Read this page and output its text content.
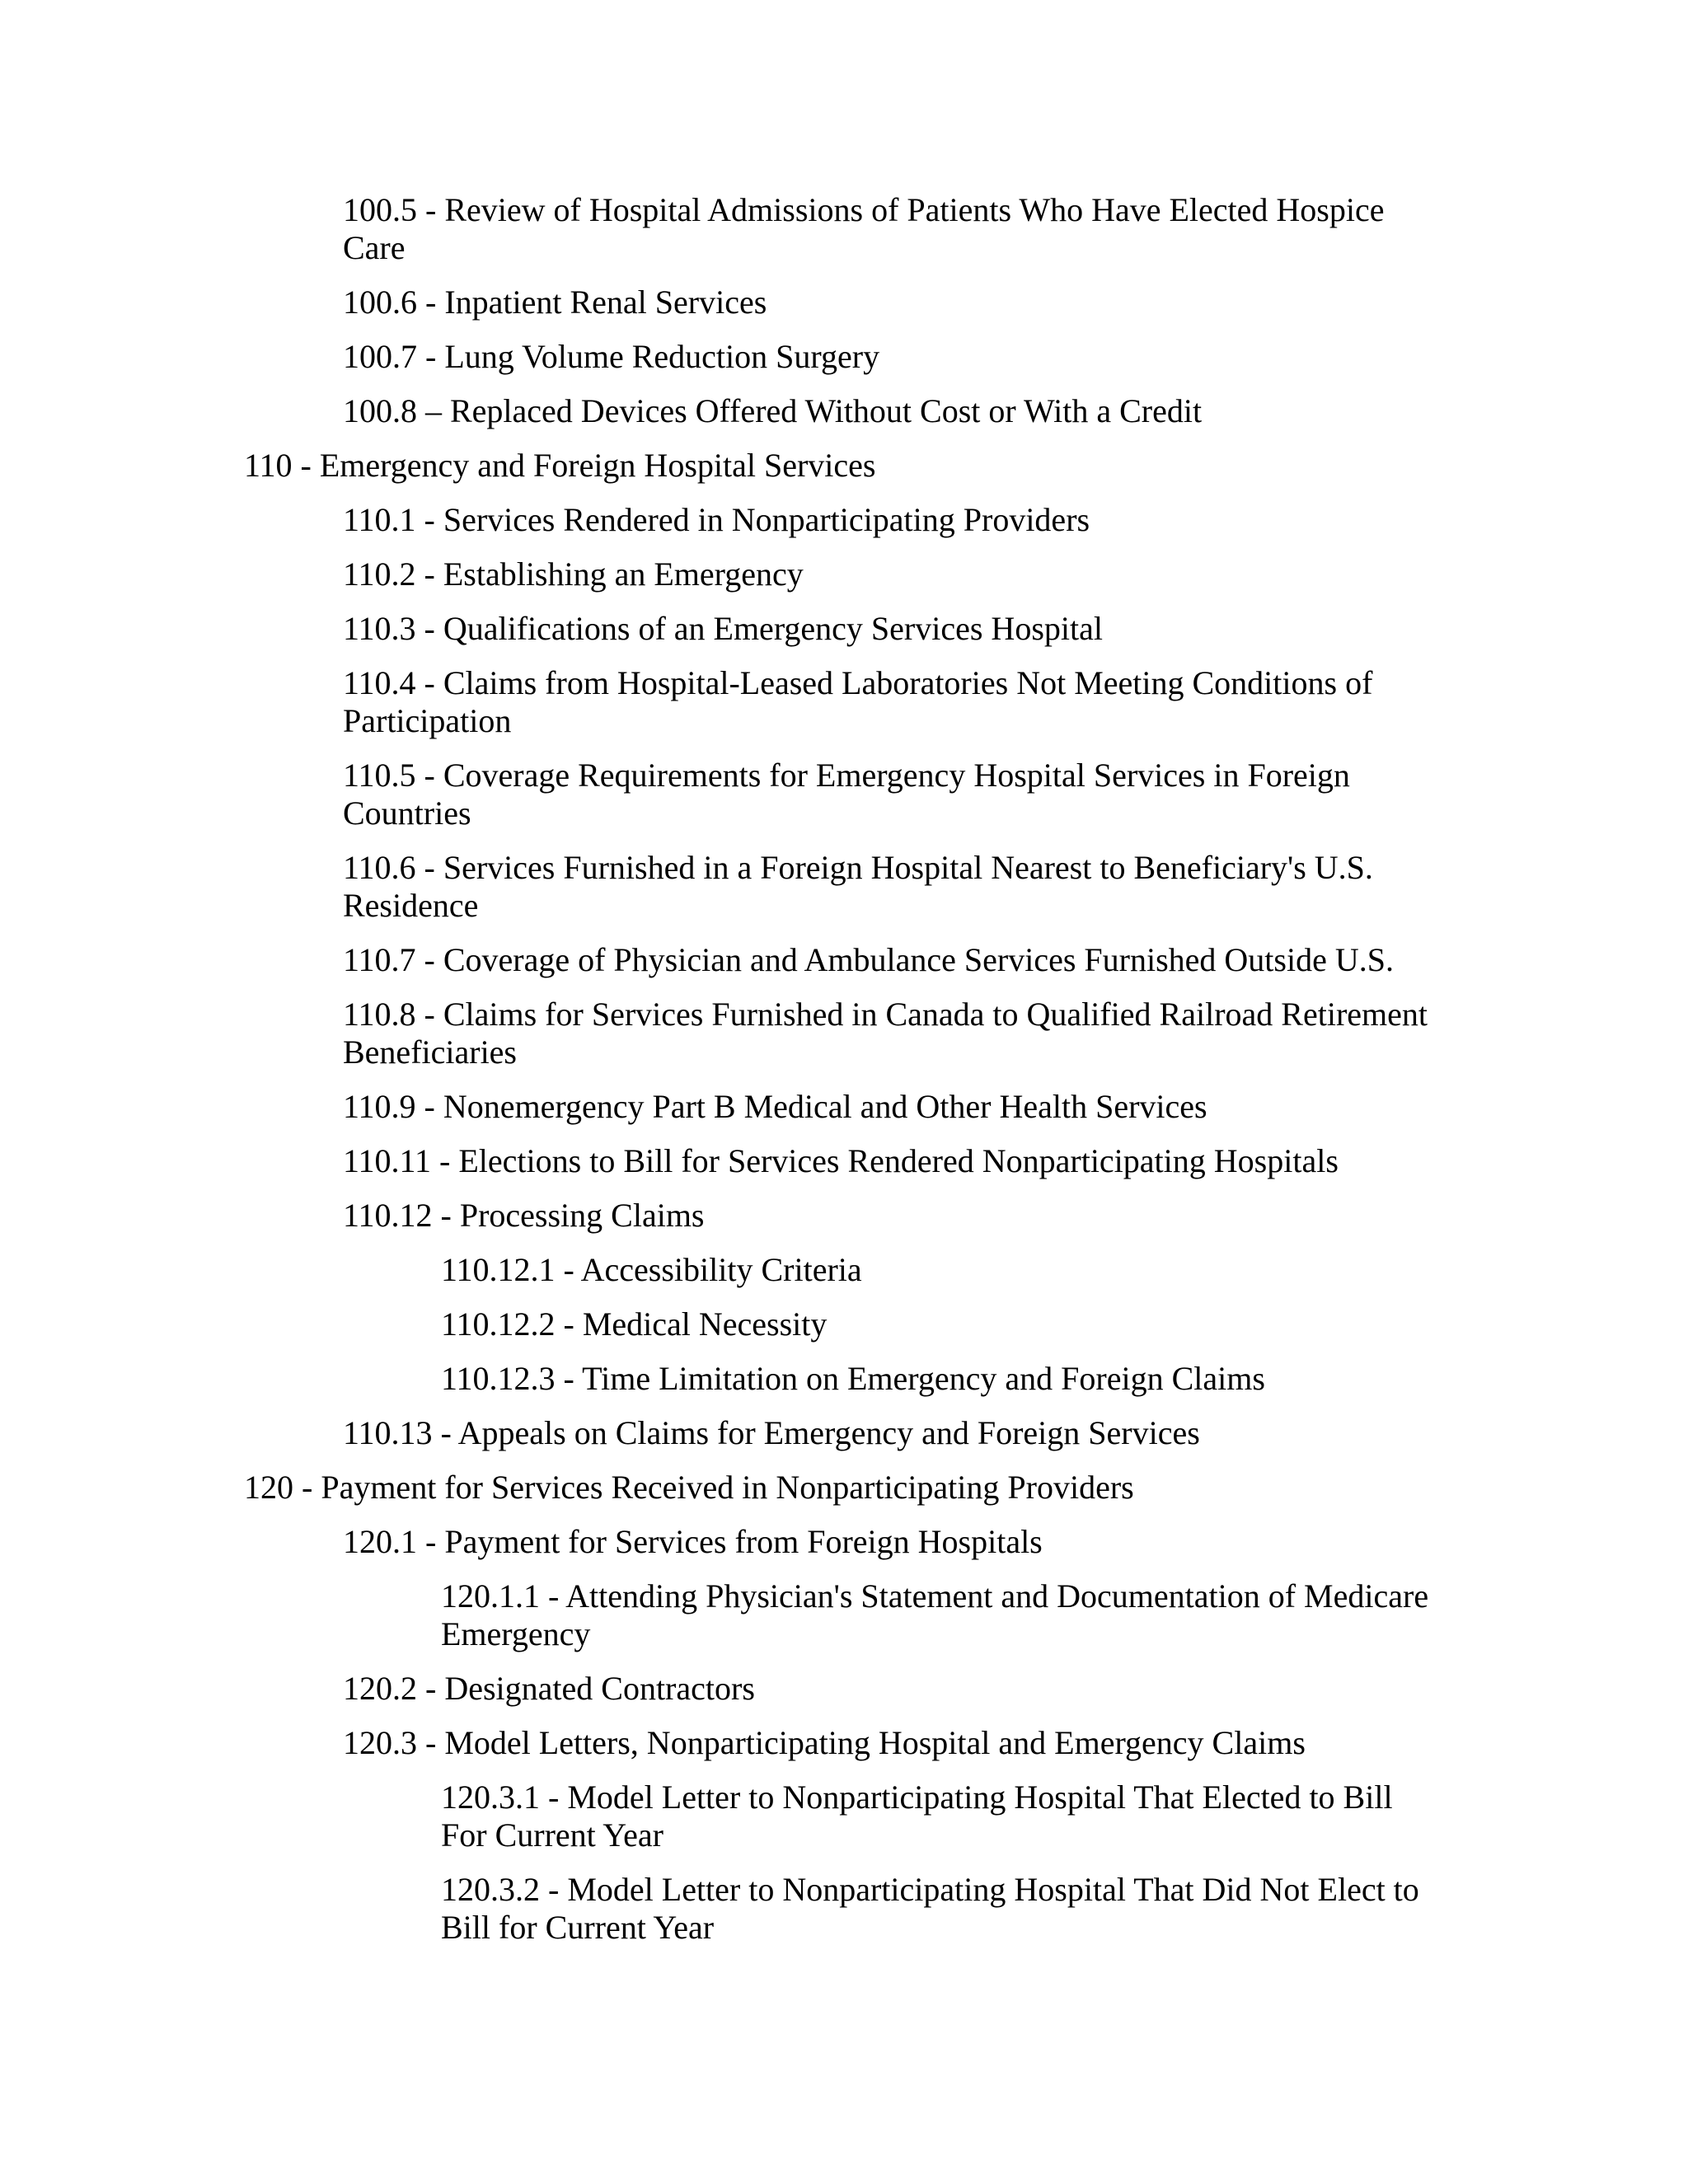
100.5 - Review of Hospital Admissions of Patients Who Have Elected Hospice Care
100.6 - Inpatient Renal Services
100.7 - Lung Volume Reduction Surgery
100.8 – Replaced Devices Offered Without Cost or With a Credit
110 - Emergency and Foreign Hospital Services
110.1 - Services Rendered in Nonparticipating Providers
110.2 - Establishing an Emergency
110.3 - Qualifications of an Emergency Services Hospital
110.4 - Claims from Hospital-Leased Laboratories Not Meeting Conditions of Participation
110.5 - Coverage Requirements for Emergency Hospital Services in Foreign Countries
110.6 - Services Furnished in a Foreign Hospital Nearest to Beneficiary's U.S. Residence
110.7 - Coverage of Physician and Ambulance Services Furnished Outside U.S.
110.8 - Claims for Services Furnished in Canada to Qualified Railroad Retirement Beneficiaries
110.9 - Nonemergency Part B Medical and Other Health Services
110.11 - Elections to Bill for Services Rendered Nonparticipating Hospitals
110.12 - Processing Claims
110.12.1 - Accessibility Criteria
110.12.2 - Medical Necessity
110.12.3 - Time Limitation on Emergency and Foreign Claims
110.13 - Appeals on Claims for Emergency and Foreign Services
120 - Payment for Services Received in Nonparticipating Providers
120.1 - Payment for Services from Foreign Hospitals
120.1.1 - Attending Physician's Statement and Documentation of Medicare Emergency
120.2 - Designated Contractors
120.3 - Model Letters, Nonparticipating Hospital and Emergency Claims
120.3.1 - Model Letter to Nonparticipating Hospital That Elected to Bill For Current Year
120.3.2 - Model Letter to Nonparticipating Hospital That Did Not Elect to Bill for Current Year
